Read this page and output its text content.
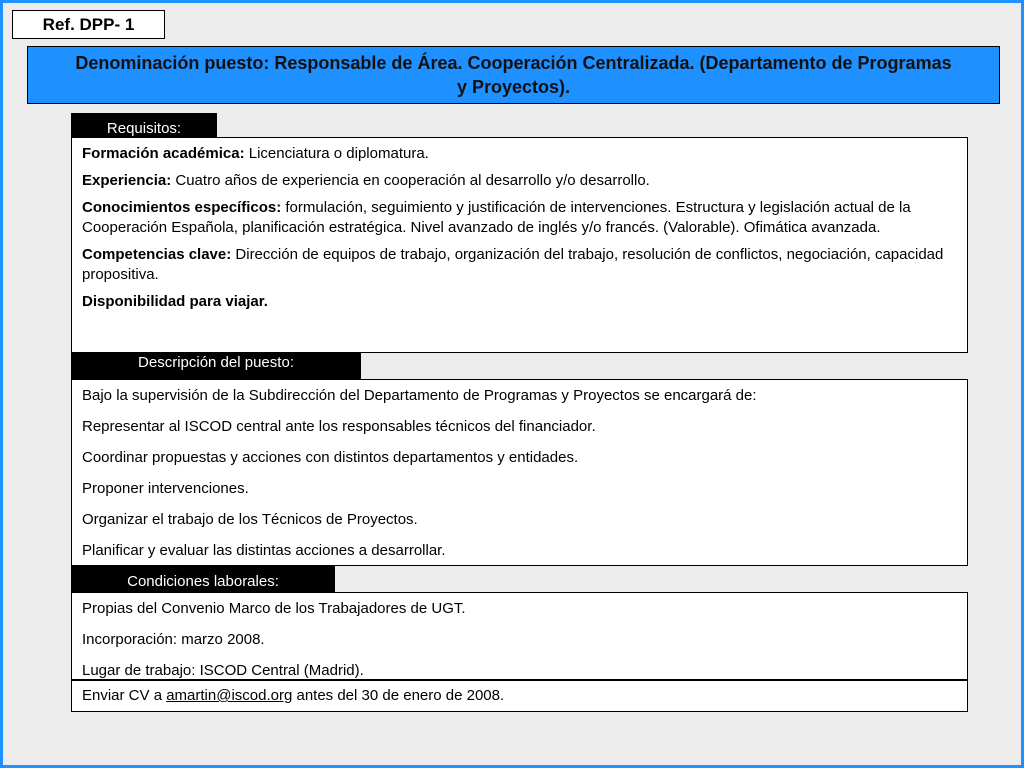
Ref. DPP- 1
Denominación puesto: Responsable de Área. Cooperación Centralizada. (Departamento de Programas y Proyectos).
Requisitos:

Formación académica: Licenciatura o diplomatura.

Experiencia: Cuatro años de experiencia en cooperación al desarrollo y/o desarrollo.

Conocimientos específicos: formulación, seguimiento y justificación de intervenciones. Estructura y legislación actual de la Cooperación Española, planificación estratégica. Nivel avanzado de inglés y/o francés. (Valorable). Ofimática avanzada.

Competencias clave: Dirección de equipos de trabajo, organización del trabajo, resolución de conflictos, negociación, capacidad propositiva.

Disponibilidad para viajar.

Descripción del puesto:

Bajo la supervisión de la Subdirección del Departamento de Programas y Proyectos se encargará de:

Representar al ISCOD central ante los responsables técnicos del financiador.

Coordinar propuestas y acciones con distintos departamentos y entidades.

Proponer intervenciones.

Organizar el trabajo de los Técnicos de Proyectos.

Planificar y evaluar las distintas acciones a desarrollar.

Condiciones laborales:

Propias del Convenio Marco de los Trabajadores de UGT.

Incorporación: marzo 2008.

Lugar de trabajo: ISCOD Central (Madrid).

Enviar CV a amartin@iscod.org antes del 30 de enero de 2008.
